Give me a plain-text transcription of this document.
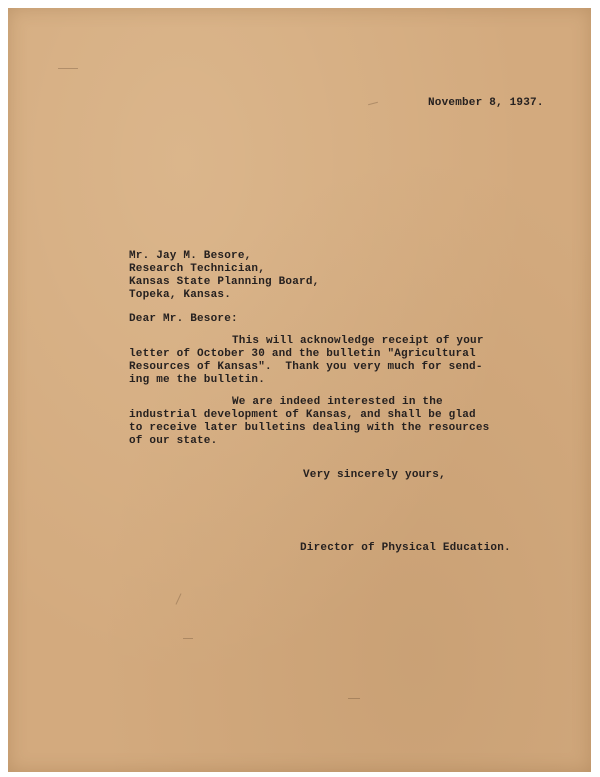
November 8, 1937.

Mr. Jay M. Besore,

Research Technician,

Kansas State Planning Board,

Topeka, Kansas.

Dear Mr. Besore:

This will acknowledge receipt of your

letter of October 30 and the bulletin "Agricultural

Resources of Kansas".  Thank you very much for send-

ing me the bulletin.

We are indeed interested in the

industrial development of Kansas, and shall be glad

to receive later bulletins dealing with the resources

of our state.

Very sincerely yours,

Director of Physical Education.
